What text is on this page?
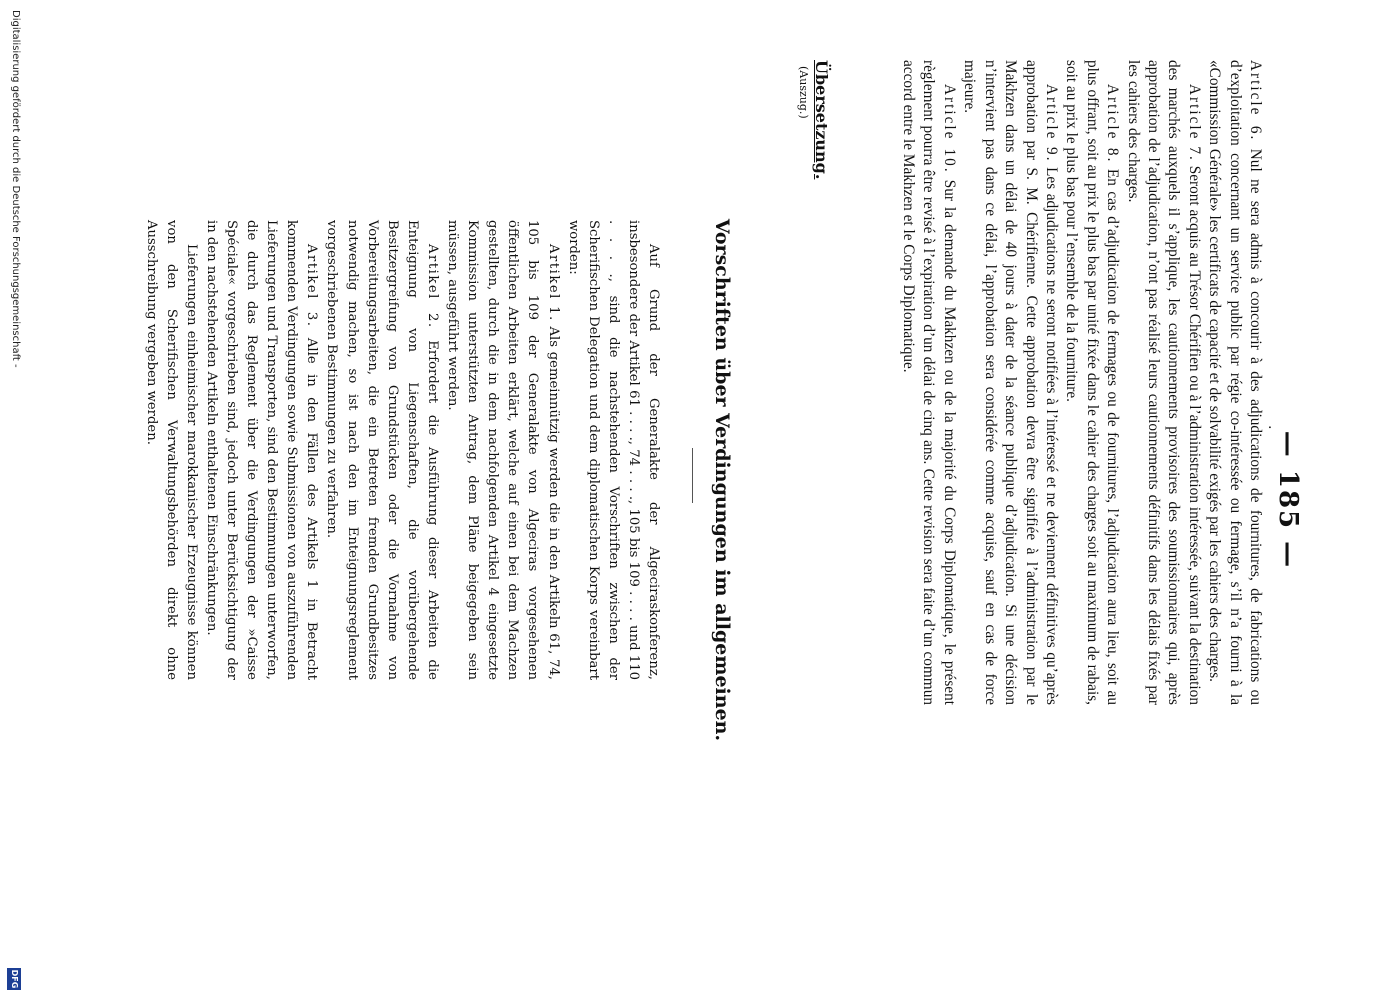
— 185 —
.

Article 6. Nul ne sera admis à concourir à des adjudications de fournitures, de fabrications ou d’exploitation concernant un service public par régie co-intéressée ou fermage, s’il n’a fourni à la «Commission Générale» les certificats de capacité et de solvabilité exigés par les cahiers des charges.

Article 7. Seront acquis au Trésor Chérifien ou à l’administration intéressée, suivant la destination des marchés auxquels il s’applique, les cautionnements provisoires des soumissionnaires qui, après approbation de l’adjudication, n’ont pas réalisé leurs cautionnements définitifs dans les délais fixés par les cahiers des charges.

Article 8. En cas d’adjudication de fermages ou de fournitures, l’adjudication aura lieu, soit au plus offrant, soit au prix le plus bas par unité fixée dans le cahier des charges soit au maximum de rabais, soit au prix le plus bas pour l’ensemble de la fourniture.

Article 9. Les adjudications ne seront notifiées à l’intéressé et ne deviennent définitives qu’après approbation par S. M. Chérifienne. Cette approbation devra être signifiée à l’administration par le Makhzen dans un délai de 40 jours à dater de la séance publique d’adjudication. Si une décision n’intervient pas dans ce délai, l’approbation sera considérée comme acquise, sauf en cas de force majeure.

Article 10. Sur la demande du Makhzen ou de la majorité du Corps Diplomatique, le présent règlement pourra être revisé à l’expiration d’un délai de cinq ans. Cette revision sera faite d’un commun accord entre le Makhzen et le Corps Diplomatique.

Übersetzung.
(Auszug.)
Vorschriften über Verdingungen im allgemeinen.

Auf Grund der Generalakte der Algeciraskonferenz, insbesondere der Artikel 61 . . . ., 74 . . . ., 105 bis 109 . . . . und 110 . . . ., sind die nachstehenden Vorschriften zwischen der Scherifischen Delegation und dem diplomatischen Korps vereinbart worden:

Artikel 1. Als gemeinnützig werden die in den Artikeln 61, 74, 105 bis 109 der Generalakte von Algeciras vorgesehenen öffentlichen Arbeiten erklärt, welche auf einen bei dem Machzen gestellten, durch die in dem nachfolgenden Artikel 4 eingesetzte Kommission unterstützten Antrag, dem Pläne beigegeben sein müssen, ausgeführt werden.

Artikel 2. Erfordert die Ausführung dieser Arbeiten die Enteignung von Liegenschaften, die vorübergehende Besitzergreifung von Grundstücken oder die Vornahme von Vorbereitungsarbeiten, die ein Betreten fremden Grundbesitzes notwendig machen, so ist nach den im Enteignungsreglement vorgeschriebenen Bestimmungen zu verfahren.

Artikel 3. Alle in den Fällen des Artikels 1 in Betracht kommenden Verdingungen sowie Submissionen von auszuführenden Lieferungen und Transporten, sind den Bestimmungen unterworfen, die durch das Reglement über die Verdingungen der »Caisse Spéciale« vorgeschrieben sind, jedoch unter Berücksichtigung der in den nachstehenden Artikeln enthaltenen Einschränkungen.

Lieferungen einheimischer marokkanischer Erzeugnisse können von den Scherifischen Verwaltungsbehörden direkt ohne Ausschreibung vergeben werden.

Digitalisierung gefördert durch die Deutsche Forschungsgemeinschaft -
DFG
